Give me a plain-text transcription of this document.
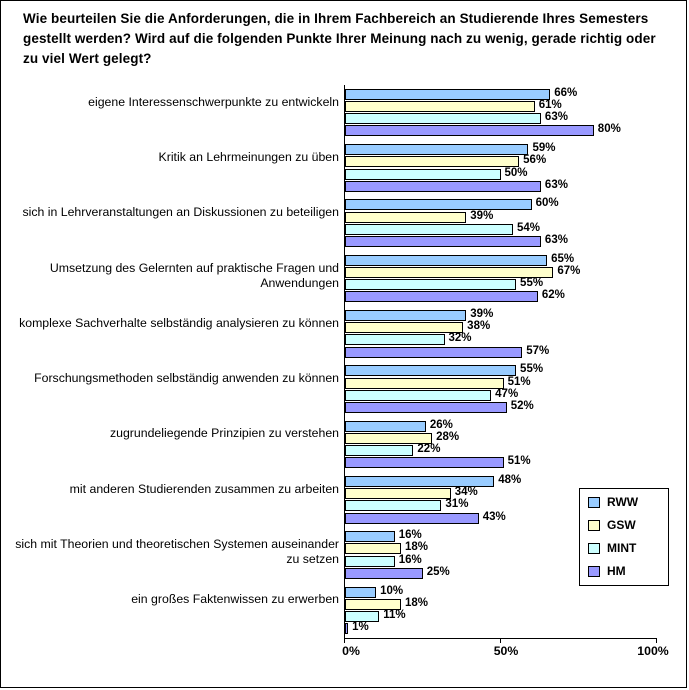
Wie beurteilen Sie die Anforderungen, die in Ihrem Fachbereich an Studierende Ihres Semesters gestellt werden? Wird auf die folgenden Punkte Ihrer Meinung nach zu wenig, gerade richtig oder zu viel Wert gelegt?
0%	50%	100%
RWW
GSW
MINT
HM
eigene Interessenschwerpunkte zu entwickeln
66%
61%
63%
80%
Kritik an Lehrmeinungen zu üben
59%
56%
50%
63%
sich in Lehrveranstaltungen an Diskussionen zu beteiligen
60%
39%
54%
63%
Umsetzung des Gelernten auf praktische Fragen und Anwendungen
65%
67%
55%
62%
komplexe Sachverhalte selbständig analysieren zu können
39%
38%
32%
57%
Forschungsmethoden selbständig anwenden zu können
55%
51%
47%
52%
zugrundeliegende Prinzipien zu verstehen
26%
28%
22%
51%
mit anderen Studierenden zusammen zu arbeiten
48%
34%
31%
43%
sich mit Theorien und theoretischen Systemen auseinander zu setzen
16%
18%
16%
25%
ein großes Faktenwissen zu erwerben
10%
18%
11%
1%
